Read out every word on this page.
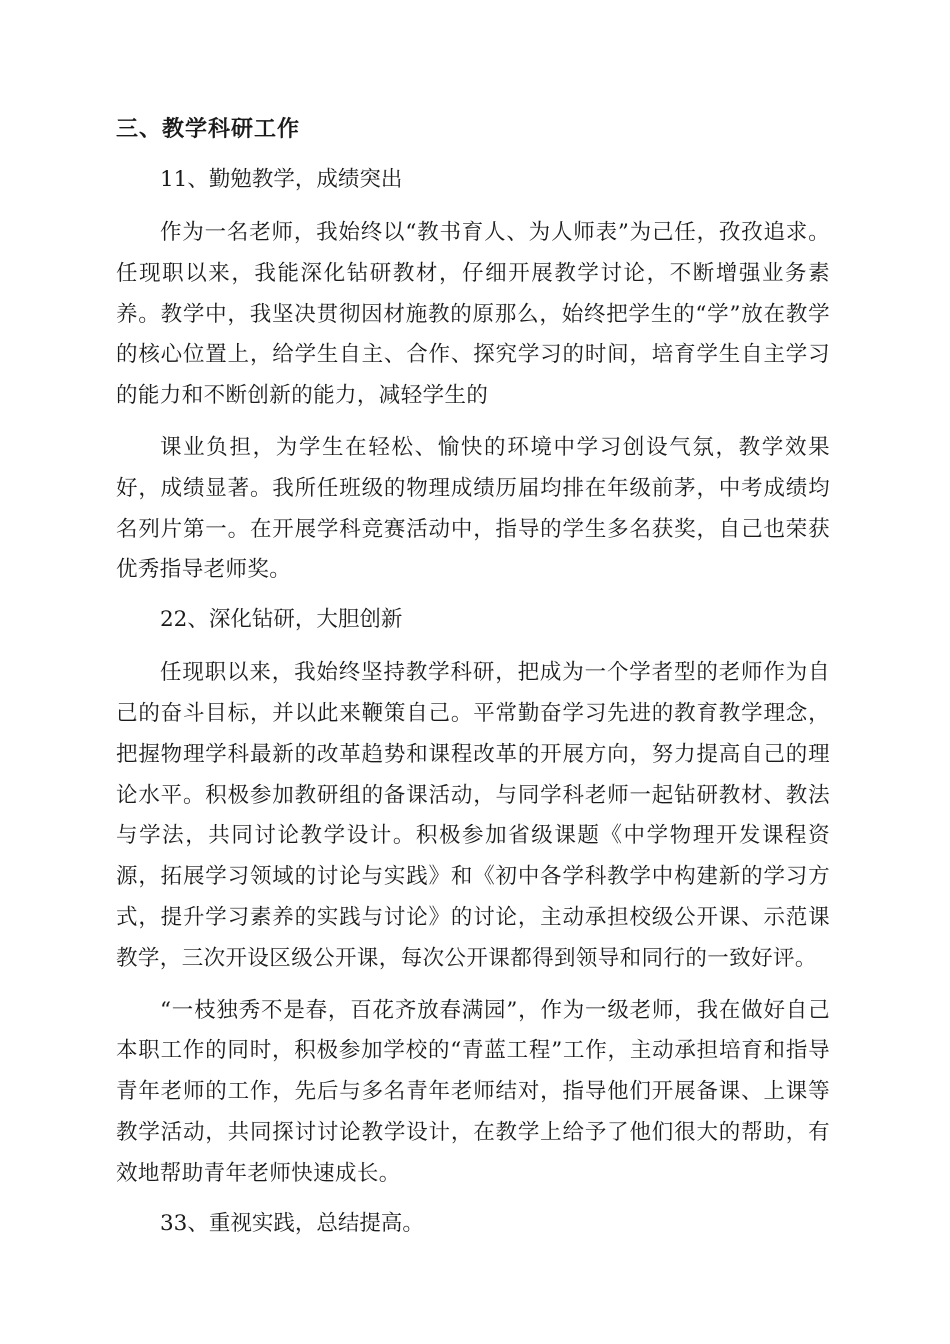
三、教学科研工作
11、勤勉教学，成绩突出

作为一名老师，我始终以“教书育人、为人师表”为己任，孜孜追求。任现职以来，我能深化钻研教材，仔细开展教学讨论，不断增强业务素养。教学中，我坚决贯彻因材施教的原那么，始终把学生的“学”放在教学的核心位置上，给学生自主、合作、探究学习的时间，培育学生自主学习的能力和不断创新的能力，减轻学生的

课业负担，为学生在轻松、愉快的环境中学习创设气氛，教学效果好，成绩显著。我所任班级的物理成绩历届均排在年级前茅，中考成绩均名列片第一。在开展学科竞赛活动中，指导的学生多名获奖，自己也荣获优秀指导老师奖。

22、深化钻研，大胆创新

任现职以来，我始终坚持教学科研，把成为一个学者型的老师作为自己的奋斗目标，并以此来鞭策自己。平常勤奋学习先进的教育教学理念，把握物理学科最新的改革趋势和课程改革的开展方向，努力提高自己的理论水平。积极参加教研组的备课活动，与同学科老师一起钻研教材、教法与学法，共同讨论教学设计。积极参加省级课题《中学物理开发课程资源，拓展学习领域的讨论与实践》和《初中各学科教学中构建新的学习方式，提升学习素养的实践与讨论》的讨论，主动承担校级公开课、示范课教学，三次开设区级公开课，每次公开课都得到领导和同行的一致好评。

“一枝独秀不是春，百花齐放春满园”，作为一级老师，我在做好自己本职工作的同时，积极参加学校的“青蓝工程”工作，主动承担培育和指导青年老师的工作，先后与多名青年老师结对，指导他们开展备课、上课等教学活动，共同探讨讨论教学设计，在教学上给予了他们很大的帮助，有效地帮助青年老师快速成长。

33、重视实践，总结提高。
